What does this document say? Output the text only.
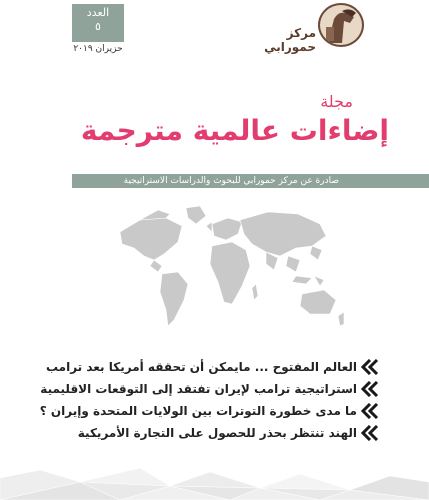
العدد
٥
حزيران ٢٠١٩
مركز حمورابي
مجلة
إضاءات عالمية مترجمة
صادرة عن مركز حمورابي للبحوث والدراسات الاستراتيجية
العالم المفتوح ... مايمكن أن تحققه أمريكا بعد ترامب
استراتيجية ترامب لإيران تفتقد إلى التوقعات الاقليمية
ما مدى خطورة التوترات بين الولايات المتحدة وإيران ؟
الهند تنتظر بحذر للحصول على التجارة الأمريكية
